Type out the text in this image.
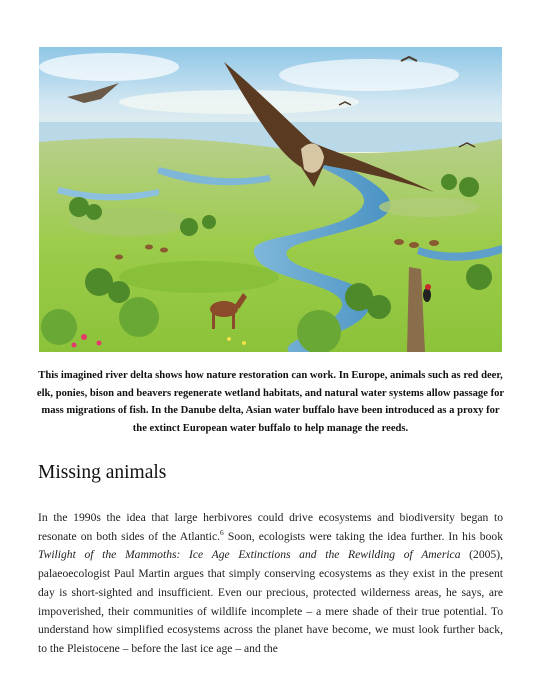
This imagined river delta shows how nature restoration can work. In Europe, animals such as red deer, elk, ponies, bison and beavers regenerate wetland habitats, and natural water systems allow passage for mass migrations of fish. In the Danube delta, Asian water buffalo have been introduced as a proxy for the extinct European water buffalo to help manage the reeds.
Missing animals

In the 1990s the idea that large herbivores could drive ecosystems and biodiversity began to resonate on both sides of the Atlantic.$^6$ Soon, ecologists were taking the idea further. In his book Twilight of the Mammoths: Ice Age Extinctions and the Rewilding of America (2005), palaeoecologist Paul Martin argues that simply conserving ecosystems as they exist in the present day is short-sighted and insufficient. Even our precious, protected wilderness areas, he says, are impoverished, their communities of wildlife incomplete – a mere shade of their true potential. To understand how simplified ecosystems across the planet have become, we must look further back, to the Pleistocene – before the last ice age – and the
